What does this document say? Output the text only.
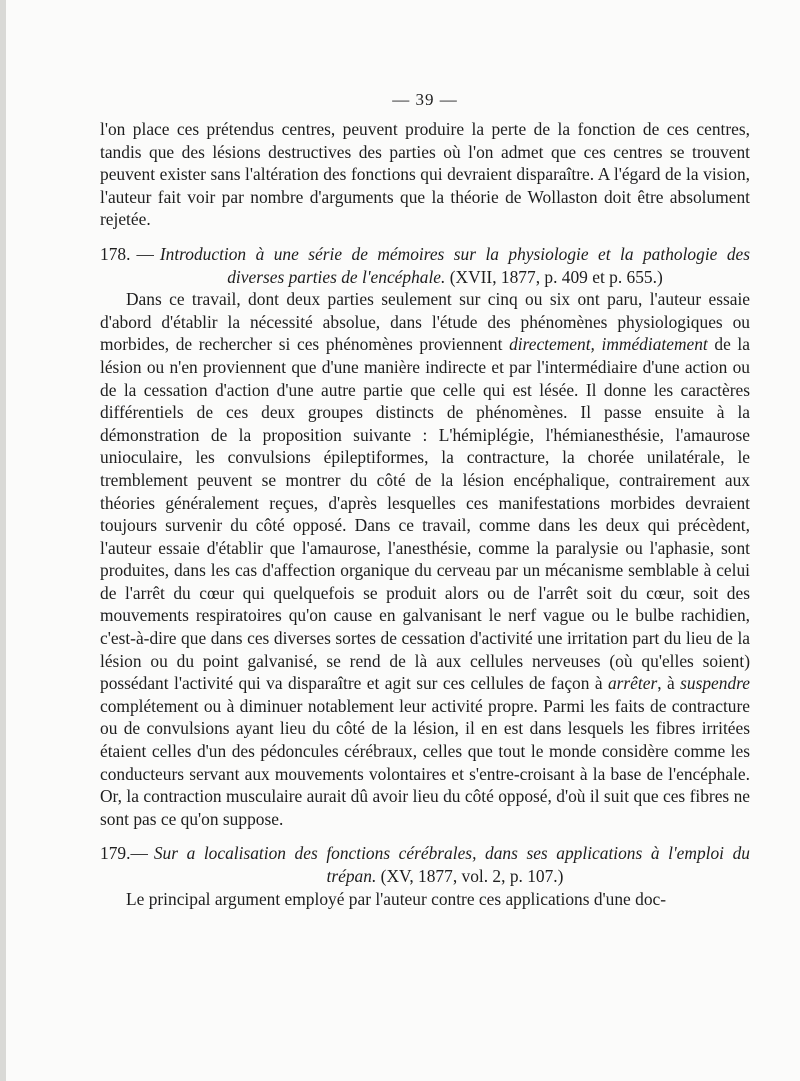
— 39 —

l'on place ces prétendus centres, peuvent produire la perte de la fonction de ces centres, tandis que des lésions destructives des parties où l'on admet que ces centres se trouvent peuvent exister sans l'altération des fonctions qui devraient disparaître. A l'égard de la vision, l'auteur fait voir par nombre d'arguments que la théorie de Wollaston doit être absolument rejetée.

178. — Introduction à une série de mémoires sur la physiologie et la pathologie des
diverses parties de l'encéphale. (XVII, 1877, p. 409 et p. 655.)

Dans ce travail, dont deux parties seulement sur cinq ou six ont paru, l'auteur essaie d'abord d'établir la nécessité absolue, dans l'étude des phénomènes physiologiques ou morbides, de rechercher si ces phénomènes proviennent directement, immédiatement de la lésion ou n'en proviennent que d'une manière indirecte et par l'intermédiaire d'une action ou de la cessation d'action d'une autre partie que celle qui est lésée. Il donne les caractères différentiels de ces deux groupes distincts de phénomènes. Il passe ensuite à la démonstration de la proposition suivante : L'hémiplégie, l'hémianesthésie, l'amaurose unioculaire, les convulsions épileptiformes, la contracture, la chorée unilatérale, le tremblement peuvent se montrer du côté de la lésion encéphalique, contrairement aux théories généralement reçues, d'après lesquelles ces manifestations morbides devraient toujours survenir du côté opposé. Dans ce travail, comme dans les deux qui précèdent, l'auteur essaie d'établir que l'amaurose, l'anesthésie, comme la paralysie ou l'aphasie, sont produites, dans les cas d'affection organique du cerveau par un mécanisme semblable à celui de l'arrêt du cœur qui quelquefois se produit alors ou de l'arrêt soit du cœur, soit des mouvements respiratoires qu'on cause en galvanisant le nerf vague ou le bulbe rachidien, c'est-à-dire que dans ces diverses sortes de cessation d'activité une irritation part du lieu de la lésion ou du point galvanisé, se rend de là aux cellules nerveuses (où qu'elles soient) possédant l'activité qui va disparaître et agit sur ces cellules de façon à arrêter, à suspendre complétement ou à diminuer notablement leur activité propre. Parmi les faits de contracture ou de convulsions ayant lieu du côté de la lésion, il en est dans lesquels les fibres irritées étaient celles d'un des pédoncules cérébraux, celles que tout le monde considère comme les conducteurs servant aux mouvements volontaires et s'entre-croisant à la base de l'encéphale. Or, la contraction musculaire aurait dû avoir lieu du côté opposé, d'où il suit que ces fibres ne sont pas ce qu'on suppose.

179.— Sur a localisation des fonctions cérébrales, dans ses applications à l'emploi du
trépan. (XV, 1877, vol. 2, p. 107.)

Le principal argument employé par l'auteur contre ces applications d'une doc-
